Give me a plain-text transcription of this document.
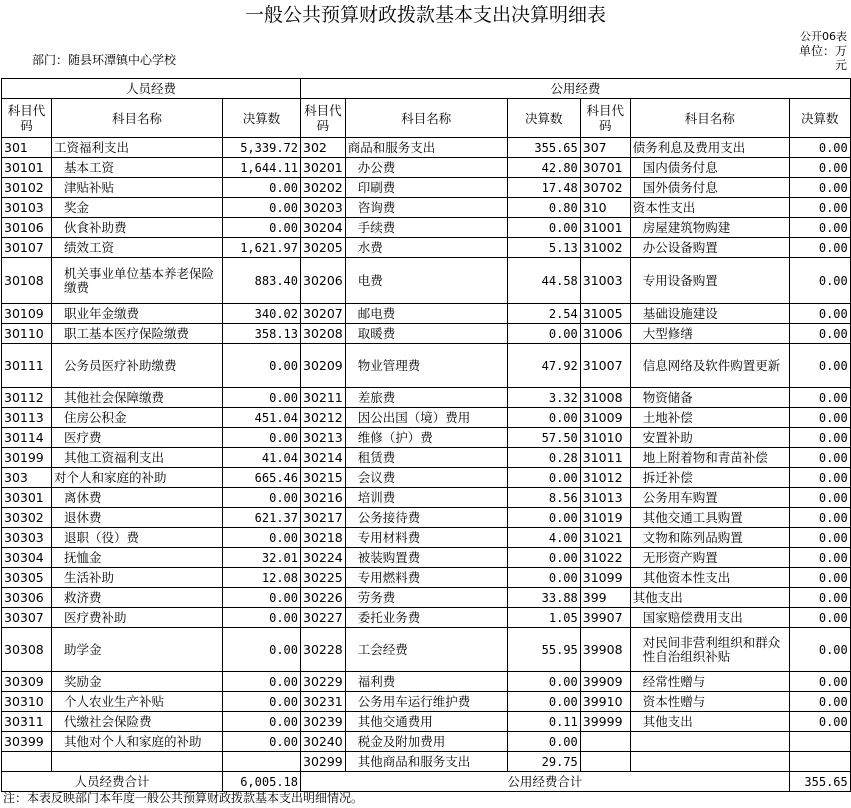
一般公共预算财政拨款基本支出决算明细表
公开06表
部门：随县环潭镇中心学校
单位：万元
人员经费			公用经费					
科目代码	科目名称	决算数	科目代码	科目名称	决算数	科目代码	科目名称	决算数
301	工资福利支出	5,339.72	302	商品和服务支出	355.65	307	债务利息及费用支出	0.00
30101	基本工资	1,644.11	30201	办公费	42.80	30701	国内债务付息	0.00
30102	津贴补贴	0.00	30202	印刷费	17.48	30702	国外债务付息	0.00
30103	奖金	0.00	30203	咨询费	0.80	310	资本性支出	0.00
30106	伙食补助费	0.00	30204	手续费	0.00	31001	房屋建筑物购建	0.00
30107	绩效工资	1,621.97	30205	水费	5.13	31002	办公设备购置	0.00
30108	机关事业单位基本养老保险缴费	883.40	30206	电费	44.58	31003	专用设备购置	0.00
30109	职业年金缴费	340.02	30207	邮电费	2.54	31005	基础设施建设	0.00
30110	职工基本医疗保险缴费	358.13	30208	取暖费	0.00	31006	大型修缮	0.00
30111	公务员医疗补助缴费	0.00	30209	物业管理费	47.92	31007	信息网络及软件购置更新	0.00
30112	其他社会保障缴费	0.00	30211	差旅费	3.32	31008	物资储备	0.00
30113	住房公积金	451.04	30212	因公出国（境）费用	0.00	31009	土地补偿	0.00
30114	医疗费	0.00	30213	维修（护）费	57.50	31010	安置补助	0.00
30199	其他工资福利支出	41.04	30214	租赁费	0.28	31011	地上附着物和青苗补偿	0.00
303	对个人和家庭的补助	665.46	30215	会议费	0.00	31012	拆迁补偿	0.00
30301	离休费	0.00	30216	培训费	8.56	31013	公务用车购置	0.00
30302	退休费	621.37	30217	公务接待费	0.00	31019	其他交通工具购置	0.00
30303	退职（役）费	0.00	30218	专用材料费	4.00	31021	文物和陈列品购置	0.00
30304	抚恤金	32.01	30224	被装购置费	0.00	31022	无形资产购置	0.00
30305	生活补助	12.08	30225	专用燃料费	0.00	31099	其他资本性支出	0.00
30306	救济费	0.00	30226	劳务费	33.88	399	其他支出	0.00
30307	医疗费补助	0.00	30227	委托业务费	1.05	39907	国家赔偿费用支出	0.00
30308	助学金	0.00	30228	工会经费	55.95	39908	对民间非营利组织和群众性自治组织补贴	0.00
30309	奖励金	0.00	30229	福利费	0.00	39909	经常性赠与	0.00
30310	个人农业生产补贴	0.00	30231	公务用车运行维护费	0.00	39910	资本性赠与	0.00
30311	代缴社会保险费	0.00	30239	其他交通费用	0.11	39999	其他支出	0.00
30399	其他对个人和家庭的补助	0.00	30240	税金及附加费用	0.00			
			30299	其他商品和服务支出	29.75			
人员经费合计		6,005.18	公用经费合计					355.65
注：本表反映部门本年度一般公共预算财政拨款基本支出明细情况。
